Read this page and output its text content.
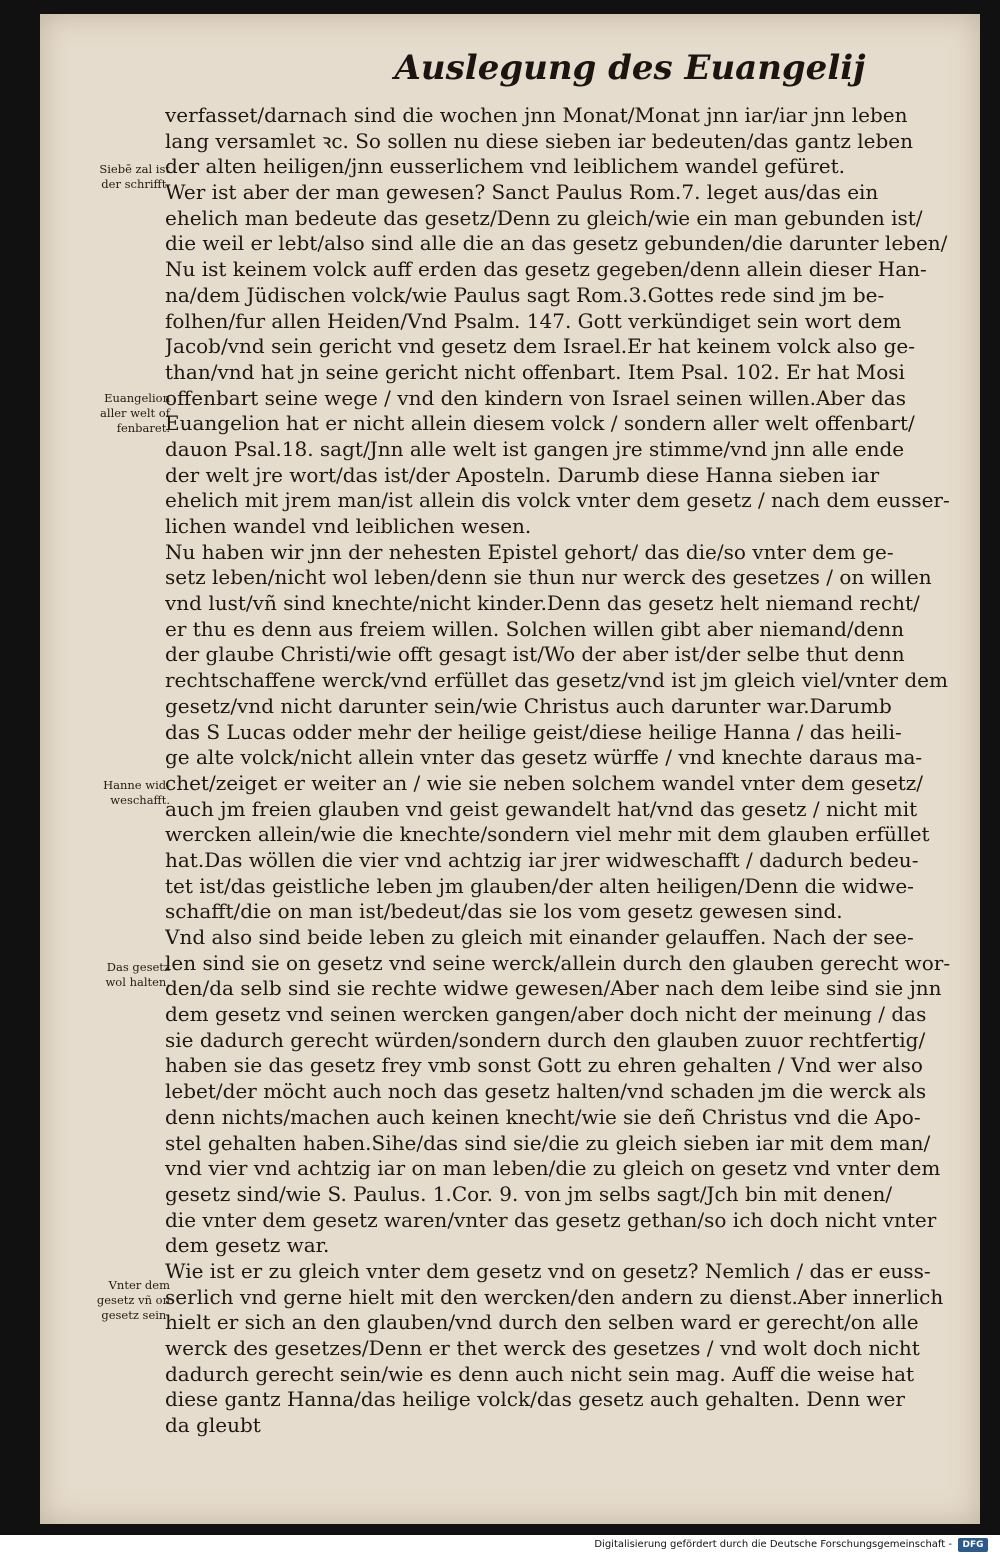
Auslegung des Euangelij
verfasset/darnach sind die wochen jnn Monat/Monat jnn iar/iar jnn leben
lang versamlet ꝛc. So sollen nu diese sieben iar bedeuten/das gantz leben
der alten heiligen/jnn eusserlichem vnd leiblichem wandel gefüret.
Wer ist aber der man gewesen? Sanct Paulus Rom.7. leget aus/das ein
ehelich man bedeute das gesetz/Denn zu gleich/wie ein man gebunden ist/
die weil er lebt/also sind alle die an das gesetz gebunden/die darunter leben/
Nu ist keinem volck auff erden das gesetz gegeben/denn allein dieser Han-
na/dem Jüdischen volck/wie Paulus sagt Rom.3.Gottes rede sind jm be-
folhen/fur allen Heiden/Vnd Psalm. 147. Gott verkündiget sein wort dem
Jacob/vnd sein gericht vnd gesetz dem Israel.Er hat keinem volck also ge-
than/vnd hat jn seine gericht nicht offenbart. Item Psal. 102. Er hat Mosi
offenbart seine wege / vnd den kindern von Israel seinen willen.Aber das
Euangelion hat er nicht allein diesem volck / sondern aller welt offenbart/
dauon Psal.18. sagt/Jnn alle welt ist gangen jre stimme/vnd jnn alle ende
der welt jre wort/das ist/der Aposteln. Darumb diese Hanna sieben iar
ehelich mit jrem man/ist allein dis volck vnter dem gesetz / nach dem eusser-
lichen wandel vnd leiblichen wesen.
Nu haben wir jnn der nehesten Epistel gehort/ das die/so vnter dem ge-
setz leben/nicht wol leben/denn sie thun nur werck des gesetzes / on willen
vnd lust/vñ sind knechte/nicht kinder.Denn das gesetz helt niemand recht/
er thu es denn aus freiem willen. Solchen willen gibt aber niemand/denn
der glaube Christi/wie offt gesagt ist/Wo der aber ist/der selbe thut denn
rechtschaffene werck/vnd erfüllet das gesetz/vnd ist jm gleich viel/vnter dem
gesetz/vnd nicht darunter sein/wie Christus auch darunter war.Darumb
das S Lucas odder mehr der heilige geist/diese heilige Hanna / das heili-
ge alte volck/nicht allein vnter das gesetz würffe / vnd knechte daraus ma-
chet/zeiget er weiter an / wie sie neben solchem wandel vnter dem gesetz/
auch jm freien glauben vnd geist gewandelt hat/vnd das gesetz / nicht mit
wercken allein/wie die knechte/sondern viel mehr mit dem glauben erfüllet
hat.Das wöllen die vier vnd achtzig iar jrer widweschafft / dadurch bedeu-
tet ist/das geistliche leben jm glauben/der alten heiligen/Denn die widwe-
schafft/die on man ist/bedeut/das sie los vom gesetz gewesen sind.
Vnd also sind beide leben zu gleich mit einander gelauffen. Nach der see-
len sind sie on gesetz vnd seine werck/allein durch den glauben gerecht wor-
den/da selb sind sie rechte widwe gewesen/Aber nach dem leibe sind sie jnn
dem gesetz vnd seinen wercken gangen/aber doch nicht der meinung / das
sie dadurch gerecht würden/sondern durch den glauben zuuor rechtfertig/
haben sie das gesetz frey vmb sonst Gott zu ehren gehalten / Vnd wer also
lebet/der möcht auch noch das gesetz halten/vnd schaden jm die werck als
denn nichts/machen auch keinen knecht/wie sie deñ Christus vnd die Apo-
stel gehalten haben.Sihe/das sind sie/die zu gleich sieben iar mit dem man/
vnd vier vnd achtzig iar on man leben/die zu gleich on gesetz vnd vnter dem
gesetz sind/wie S. Paulus. 1.Cor. 9. von jm selbs sagt/Jch bin mit denen/
die vnter dem gesetz waren/vnter das gesetz gethan/so ich doch nicht vnter
dem gesetz war.
Wie ist er zu gleich vnter dem gesetz vnd on gesetz? Nemlich / das er euss-
serlich vnd gerne hielt mit den wercken/den andern zu dienst.Aber innerlich
hielt er sich an den glauben/vnd durch den selben ward er gerecht/on alle
werck des gesetzes/Denn er thet werck des gesetzes / vnd wolt doch nicht
dadurch gerecht sein/wie es denn auch nicht sein mag. Auff die weise hat
diese gantz Hanna/das heilige volck/das gesetz auch gehalten. Denn wer
da gleubt
Siebē zal ist
der schrifft.
Euangelion
aller welt of
fenbaret.
Hanne wid-
weschafft.
Das gesetz
wol halten.
Vnter dem
gesetz vñ on
gesetz sein.
Digitalisierung gefördert durch die Deutsche Forschungsgemeinschaft -	DFG
